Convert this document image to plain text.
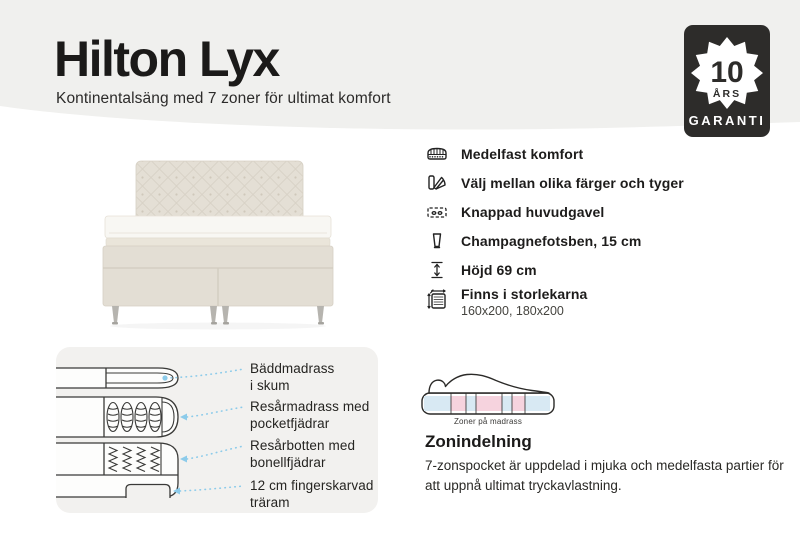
Hilton Lyx
Kontinentalsäng med 7 zoner för ultimat komfort
10
ÅRS
GARANTI
Medelfast komfort
Välj mellan olika färger och tyger
Knappad huvudgavel
Champagnefotsben, 15 cm
Höjd 69 cm
Finns i storlekarna
160x200, 180x200
Bäddmadrass
i skum
Resårmadrass med
pocketfjädrar
Resårbotten med
bonellfjädrar
12 cm fingerskarvad
träram
Zoner på madrass
Zonindelning
7-zonspocket är uppdelad i mjuka och medelfasta partier för att uppnå ultimat tryckavlastning.
